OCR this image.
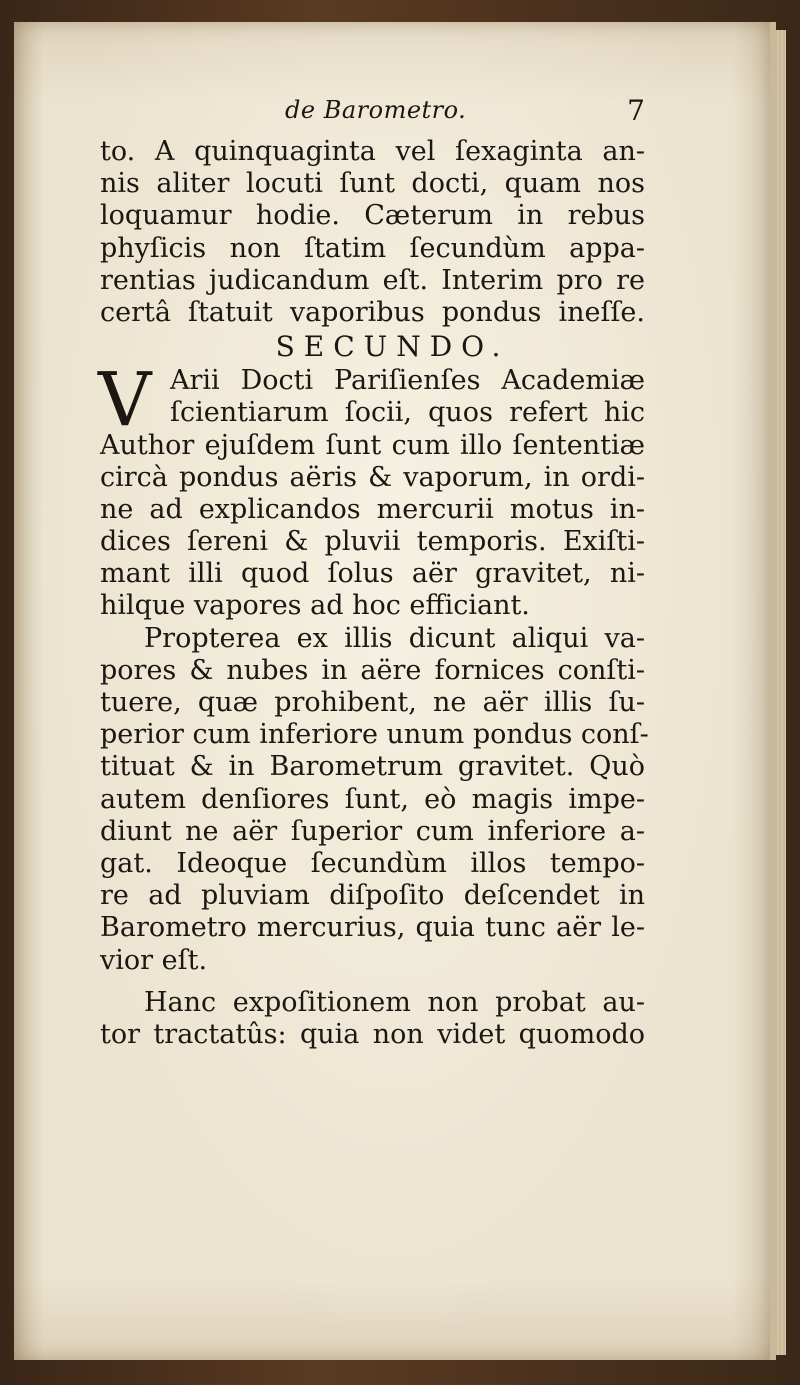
de Barometro.	7
to. A quinquaginta vel ſexaginta an-
nis aliter locuti ſunt docti, quam nos
loquamur hodie. Cæterum in rebus
phyſicis non ſtatim ſecundùm appa-
rentias judicandum eſt. Interim pro re
certâ ſtatuit vaporibus pondus ineſſe.
SECUNDO.
V Arii Docti Pariſienſes Academiæ
ſcientiarum ſocii, quos refert hic
Author ejuſdem ſunt cum illo ſententiæ
circà pondus aëris & vaporum, in ordi-
ne ad explicandos mercurii motus in-
dices ſereni & pluvii temporis. Exiſti-
mant illi quod ſolus aër gravitet, ni-
hilque vapores ad hoc efficiant.
Propterea ex illis dicunt aliqui va-
pores & nubes in aëre fornices conſti-
tuere, quæ prohibent, ne aër illis ſu-
perior cum inferiore unum pondus conſ-
tituat & in Barometrum gravitet. Quò
autem denſiores ſunt, eò magis impe-
diunt ne aër ſuperior cum inferiore a-
gat. Ideoque ſecundùm illos tempo-
re ad pluviam diſpoſito deſcendet in
Barometro mercurius, quia tunc aër le-
vior eſt.
Hanc expoſitionem non probat au-
tor tractatûs: quia non videt quomodo
